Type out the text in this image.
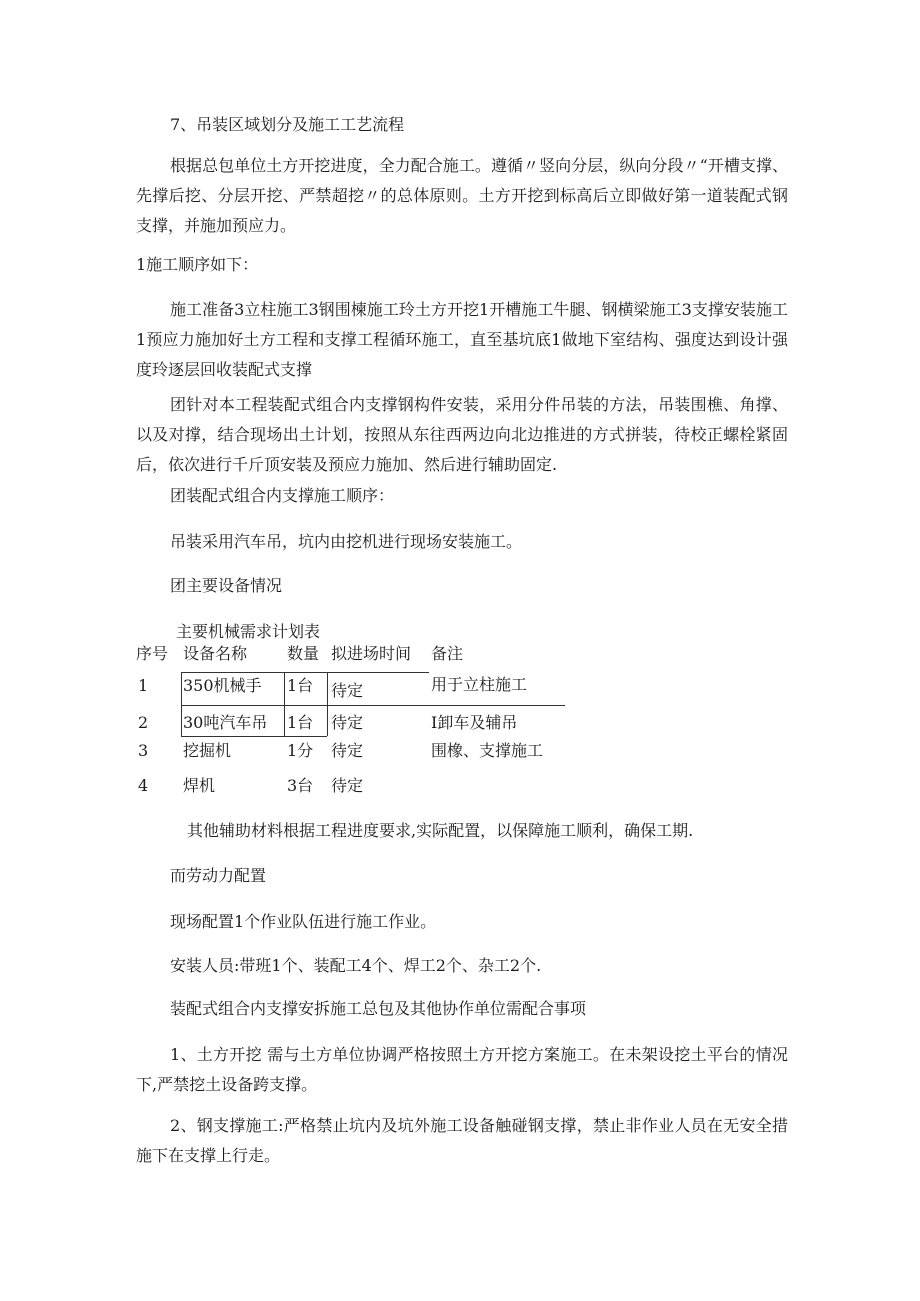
7、吊装区域划分及施工工艺流程

根据总包单位土方开挖进度，全力配合施工。遵循〃竖向分层，纵向分段〃“开槽支撑、先撑后挖、分层开挖、严禁超挖〃的总体原则。土方开挖到标高后立即做好第一道装配式钢支撑，并施加预应力。

1施工顺序如下：

施工准备3立柱施工3钢围楝施工玲土方开挖1开槽施工牛腿、钢横梁施工3支撑安装施工1预应力施加好土方工程和支撑工程循环施工，直至基坑底1做地下室结构、强度达到设计强度玲逐层回收装配式支撑

团针对本工程装配式组合内支撑钢构件安装，采用分件吊装的方法，吊装围樵、角撑、以及对撑，结合现场出土计划，按照从东往西两边向北边推进的方式拼装，待校正螺栓紧固后，依次进行千斤顶安装及预应力施加、然后进行辅助固定.

团装配式组合内支撑施工顺序：
吊装采用汽车吊，坑内由挖机进行现场安装施工。
团主要设备情况
主要机械需求计划表
序号 设备名称 数量 拟进场时间 备注
1 350机械手 1台 待定	用于立柱施工
2 30吨汽车吊 1台 待定	I卸车及辅吊
3 挖掘机	1分 待定	围橡、支撑施工
4 焊机	3台 待定
其他辅助材料根据工程进度要求,实际配置，以保障施工顺利，确保工期.
而劳动力配置
现场配置1个作业队伍进行施工作业。
安装人员:带班1个、装配工4个、焊工2个、杂工2个.
装配式组合内支撑安拆施工总包及其他协作单位需配合事项

1、土方开挖 需与土方单位协调严格按照土方开挖方案施工。在未架设挖土平台的情况下,严禁挖土设备跨支撑。

2、钢支撑施工:严格禁止坑内及坑外施工设备触碰钢支撑，禁止非作业人员在无安全措施下在支撑上行走。
